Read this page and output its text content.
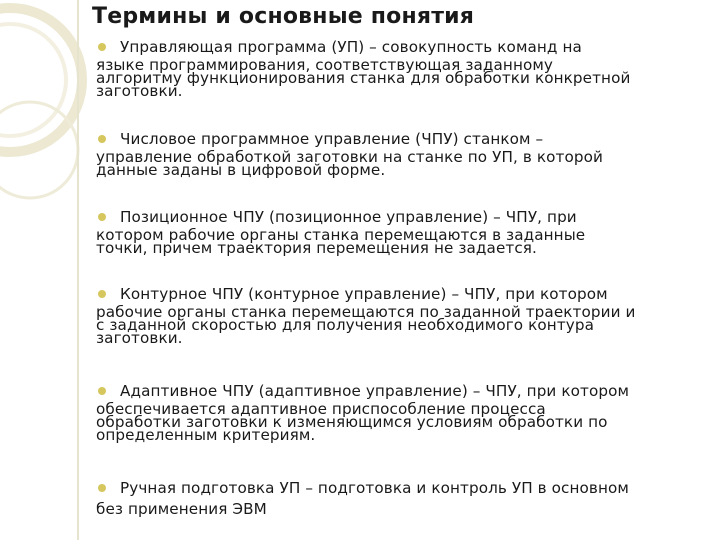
Термины и основные понятия
Управляющая программа (УП) – совокупность команд на
языке программирования, соответствующая заданному
алгоритму функционирования станка для обработки конкретной
заготовки.
Числовое программное управление (ЧПУ) станком –
управление обработкой заготовки на станке по УП, в которой
данные заданы в цифровой форме.
Позиционное ЧПУ (позиционное управление) – ЧПУ, при
котором рабочие органы станка перемещаются в заданные
точки, причем траектория перемещения не задается.
Контурное ЧПУ (контурное управление) – ЧПУ, при котором
рабочие органы станка перемещаются по заданной траектории и
с заданной скоростью для получения необходимого контура
заготовки.
Адаптивное ЧПУ (адаптивное управление) – ЧПУ, при котором
обеспечивается адаптивное приспособление процесса
обработки заготовки к изменяющимся условиям обработки по
определенным критериям.
Ручная подготовка УП – подготовка и контроль УП в основном
без применения ЭВМ
